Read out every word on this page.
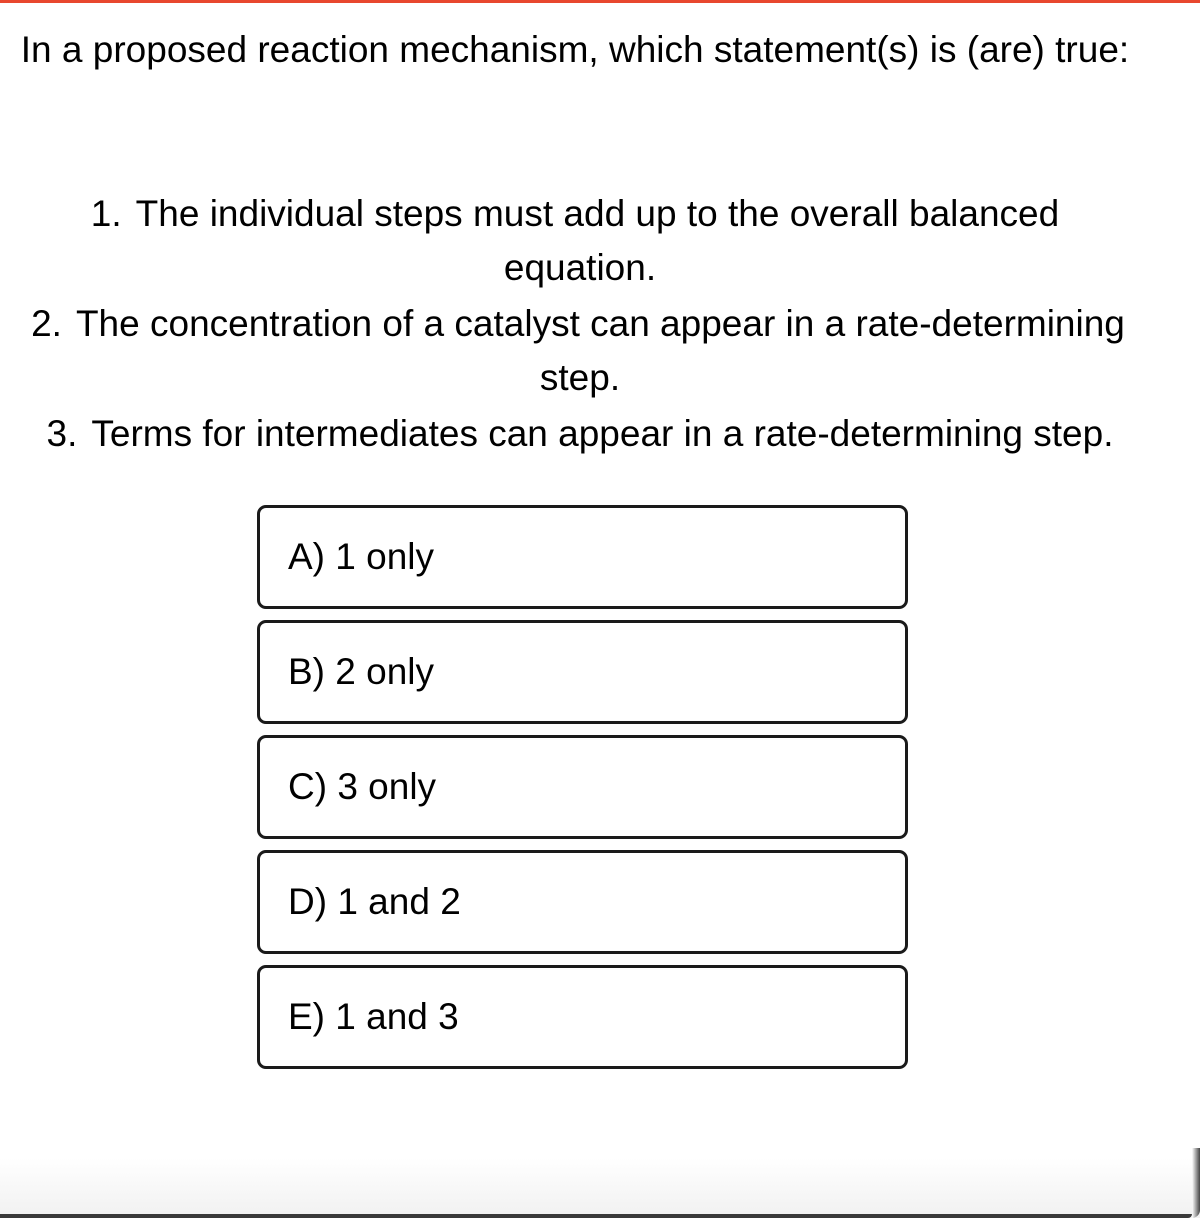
In a proposed reaction mechanism, which statement(s) is (are) true:
1. The individual steps must add up to the overall balanced
equation.
2. The concentration of a catalyst can appear in a rate-determining
step.
3. Terms for intermediates can appear in a rate-determining step.
A) 1 only
B) 2 only
C) 3 only
D) 1 and 2
E) 1 and 3
